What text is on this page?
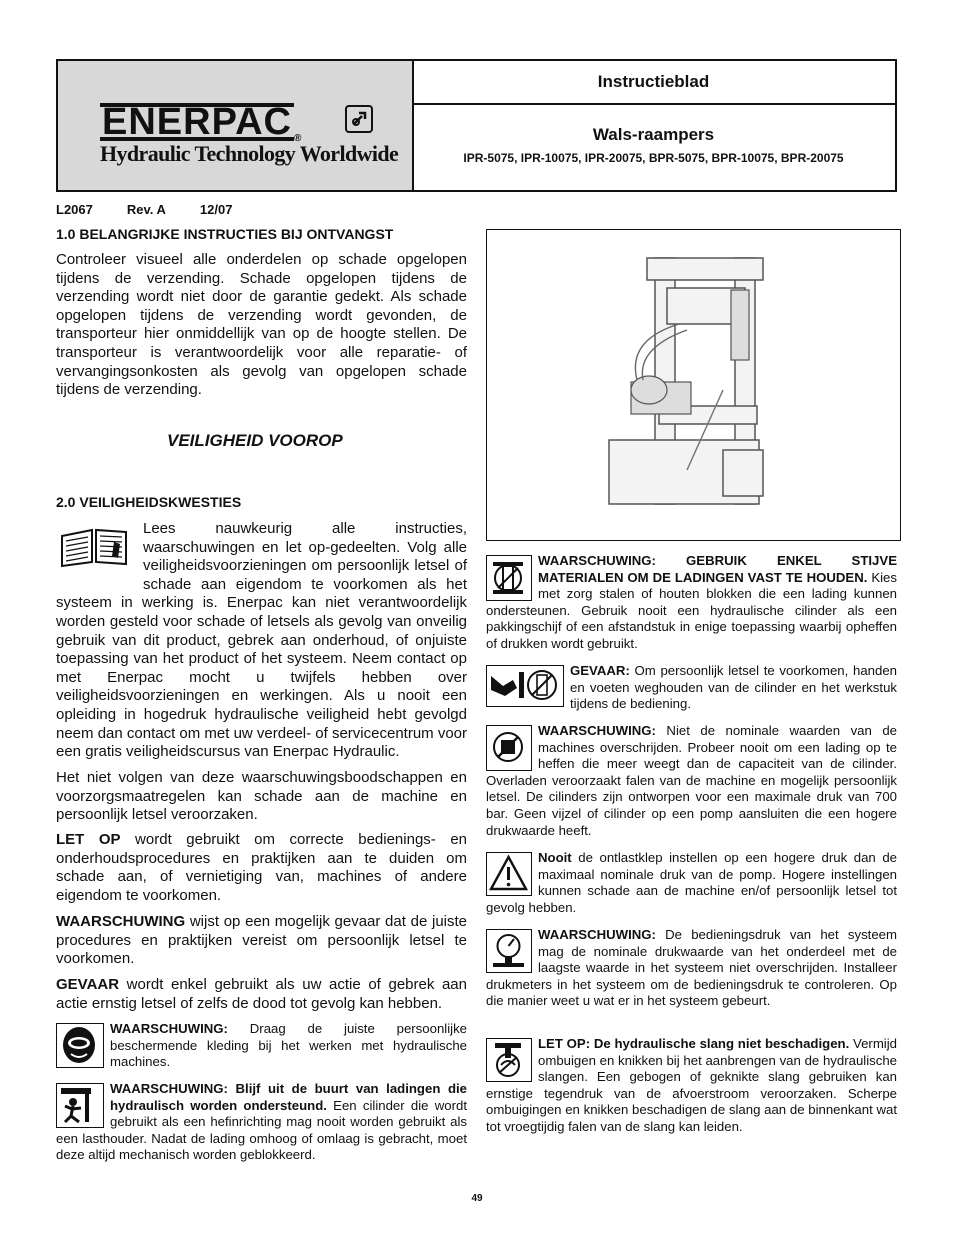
ENERPAC ®
Hydraulic Technology Worldwide
Instructieblad
Wals-raampers
IPR-5075, IPR-10075, IPR-20075, BPR-5075, BPR-10075, BPR-20075
L2067	Rev. A	12/07
1.0 BELANGRIJKE INSTRUCTIES BIJ ONTVANGST

Controleer visueel alle onderdelen op schade opgelopen tijdens de verzending. Schade opgelopen tijdens de verzending wordt niet door de garantie gedekt. Als schade opgelopen tijdens de verzending wordt gevonden, de transporteur hier onmiddellijk van op de hoogte stellen. De transporteur is verantwoordelijk voor alle reparatie- of vervangingsonkosten als gevolg van opgelopen schade tijdens de verzending.

VEILIGHEID VOOROP
2.0 VEILIGHEIDSKWESTIES
Lees nauwkeurig alle instructies, waarschuwingen en let op-gedeelten. Volg alle veiligheidsvoorzieningen om persoonlijk letsel of schade aan eigendom te voorkomen als het systeem in werking is. Enerpac kan niet verantwoordelijk worden gesteld voor schade of letsels als gevolg van onveilig gebruik van dit product, gebrek aan onderhoud, of onjuiste toepassing van het product of het systeem. Neem contact op met Enerpac mocht u twijfels hebben over veiligheidsvoorzieningen en werkingen. Als u nooit een opleiding in hogedruk hydraulische veiligheid hebt gevolgd neem dan contact om met uw verdeel- of servicecentrum voor een gratis veiligheidscursus van Enerpac Hydraulic.

Het niet volgen van deze waarschuwingsboodschappen en voorzorgsmaatregelen kan schade aan de machine en persoonlijk letsel veroorzaken.

LET OP wordt gebruikt om correcte bedienings- en onderhoudsprocedures en praktijken aan te duiden om schade aan, of vernietiging van, machines of andere eigendom te voorkomen.

WAARSCHUWING wijst op een mogelijk gevaar dat de juiste procedures en praktijken vereist om persoonlijk letsel te voorkomen.

GEVAAR wordt enkel gebruikt als uw actie of gebrek aan actie ernstig letsel of zelfs de dood tot gevolg kan hebben.

WAARSCHUWING: Draag de juiste persoonlijke beschermende kleding bij het werken met hydraulische machines.

WAARSCHUWING: Blijf uit de buurt van ladingen die hydraulisch worden ondersteund. Een cilinder die wordt gebruikt als een hefinrichting mag nooit worden gebruikt als een lasthouder. Nadat de lading omhoog of omlaag is gebracht, moet deze altijd mechanisch worden geblokkeerd.

WAARSCHUWING: GEBRUIK ENKEL STIJVE MATERIALEN OM DE LADINGEN VAST TE HOUDEN. Kies met zorg stalen of houten blokken die een lading kunnen ondersteunen. Gebruik nooit een hydraulische cilinder als een pakkingschijf of een afstandstuk in enige toepassing waarbij opheffen of drukken wordt gebruikt.

GEVAAR: Om persoonlijk letsel te voorkomen, handen en voeten weghouden van de cilinder en het werkstuk tijdens de bediening.

WAARSCHUWING: Niet de nominale waarden van de machines overschrijden. Probeer nooit om een lading op te heffen die meer weegt dan de capaciteit van de cilinder. Overladen veroorzaakt falen van de machine en mogelijk persoonlijk letsel. De cilinders zijn ontworpen voor een maximale druk van 700 bar. Geen vijzel of cilinder op een pomp aansluiten die een hogere drukwaarde heeft.

Nooit de ontlastklep instellen op een hogere druk dan de maximaal nominale druk van de pomp. Hogere instellingen kunnen schade aan de machine en/of persoonlijk letsel tot gevolg hebben.

WAARSCHUWING: De bedieningsdruk van het systeem mag de nominale drukwaarde van het onderdeel met de laagste waarde in het systeem niet overschrijden. Installeer drukmeters in het systeem om de bedieningsdruk te controleren. Op die manier weet u wat er in het systeem gebeurt.

LET OP: De hydraulische slang niet beschadigen. Vermijd ombuigen en knikken bij het aanbrengen van de hydraulische slangen. Een gebogen of geknikte slang gebruiken kan ernstige tegendruk van de afvoerstroom veroorzaken. Scherpe ombuigingen en knikken beschadigen de slang aan de binnenkant wat tot vroegtijdig falen van de slang kan leiden.

49
